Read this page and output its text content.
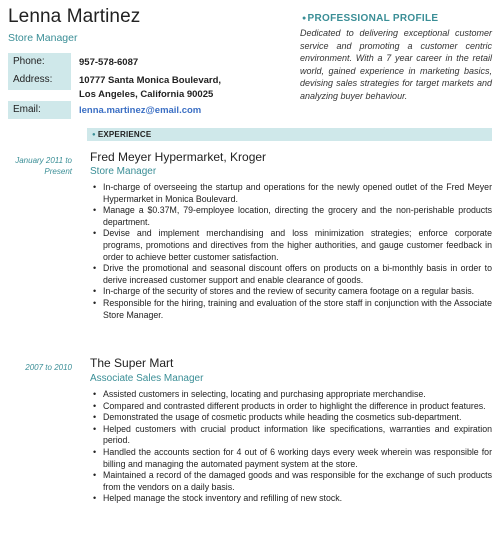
Lenna Martinez
Store Manager
Phone:	957-578-6087
Address:	10777 Santa Monica Boulevard,
Los Angeles, California 90025
Email:	lenna.martinez@email.com
●PROFESSIONAL PROFILE
Dedicated to delivering exceptional customer service and promoting a customer centric environment. With a 7 year career in the retail world, gained experience in marketing basics, devising sales strategies for target markets and analyzing buyer behaviour.
● EXPERIENCE
January 2011 to
Present
Fred Meyer Hypermarket, Kroger
Store Manager
• In-charge of overseeing the startup and operations for the newly opened outlet of the Fred Meyer Hypermarket in Monica Boulevard.
• Manage a $0.37M, 79-employee location, directing the grocery and the non-perishable products department.
• Devise and implement merchandising and loss minimization strategies; enforce corporate programs, promotions and directives from the higher authorities, and gauge customer feedback in order to achieve better customer satisfaction.
• Drive the promotional and seasonal discount offers on products on a bi-monthly basis in order to derive increased customer support and enable clearance of goods.
• In-charge of the security of stores and the review of security camera footage on a regular basis.
• Responsible for the hiring, training and evaluation of the store staff in conjunction with the Associate Store Manager.
2007 to 2010 The Super Mart
Associate Sales Manager
• Assisted customers in selecting, locating and purchasing appropriate merchandise.
• Compared and contrasted different products in order to highlight the difference in product features.
• Demonstrated the usage of cosmetic products while heading the cosmetics sub-department.
• Helped customers with crucial product information like specifications, warranties and expiration period.
• Handled the accounts section for 4 out of 6 working days every week wherein was responsible for billing and managing the automated payment system at the store.
• Maintained a record of the damaged goods and was responsible for the exchange of such products from the vendors on a daily basis.
• Helped manage the stock inventory and refilling of new stock.
